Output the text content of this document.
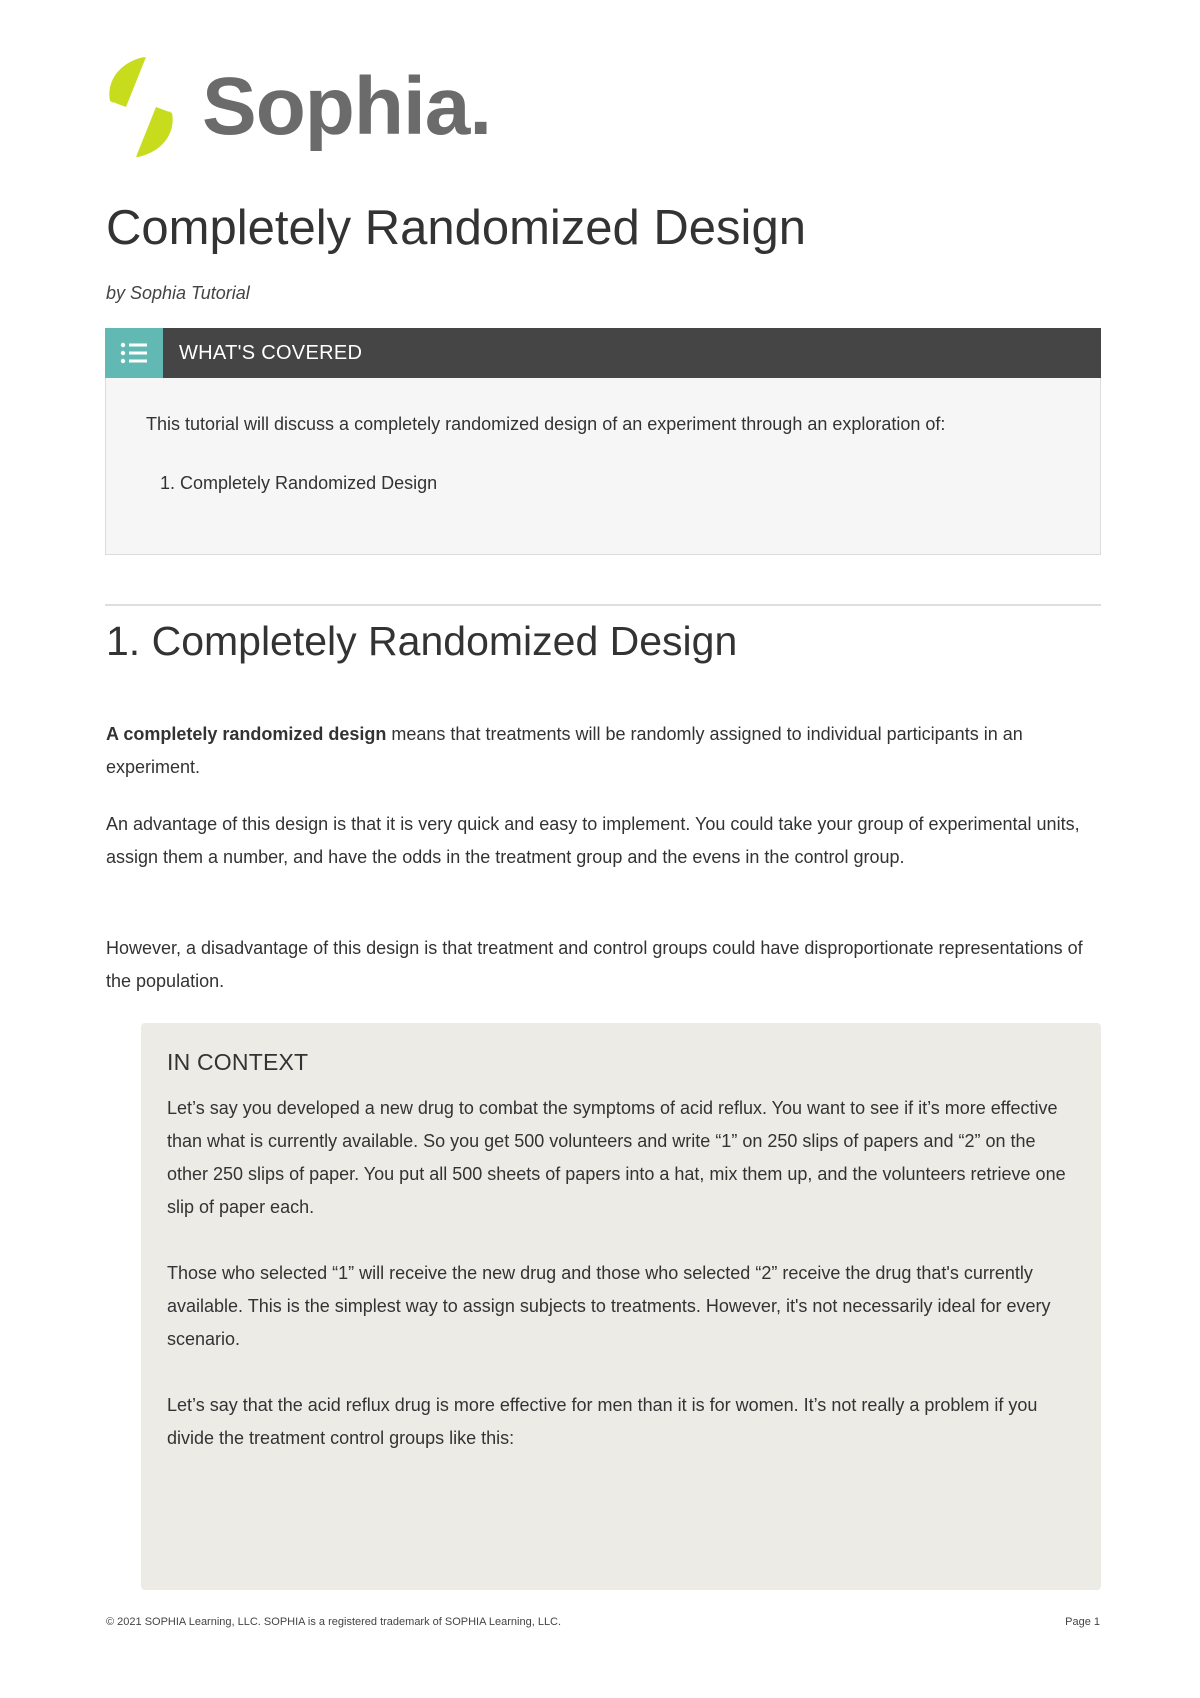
Sophia.
Completely Randomized Design
by Sophia Tutorial
WHAT'S COVERED

This tutorial will discuss a completely randomized design of an experiment through an exploration of:

1. Completely Randomized Design
1. Completely Randomized Design

A completely randomized design means that treatments will be randomly assigned to individual participants in an experiment.

An advantage of this design is that it is very quick and easy to implement. You could take your group of experimental units, assign them a number, and have the odds in the treatment group and the evens in the control group.

However, a disadvantage of this design is that treatment and control groups could have disproportionate representations of the population.

IN CONTEXT

Let’s say you developed a new drug to combat the symptoms of acid reflux. You want to see if it’s more effective than what is currently available. So you get 500 volunteers and write “1” on 250 slips of papers and “2” on the other 250 slips of paper. You put all 500 sheets of papers into a hat, mix them up, and the volunteers retrieve one slip of paper each.

Those who selected “1” will receive the new drug and those who selected “2” receive the drug that's currently available. This is the simplest way to assign subjects to treatments. However, it's not necessarily ideal for every scenario.

Let’s say that the acid reflux drug is more effective for men than it is for women. It’s not really a problem if you divide the treatment control groups like this:

© 2021 SOPHIA Learning, LLC. SOPHIA is a registered trademark of SOPHIA Learning, LLC.	Page 1
